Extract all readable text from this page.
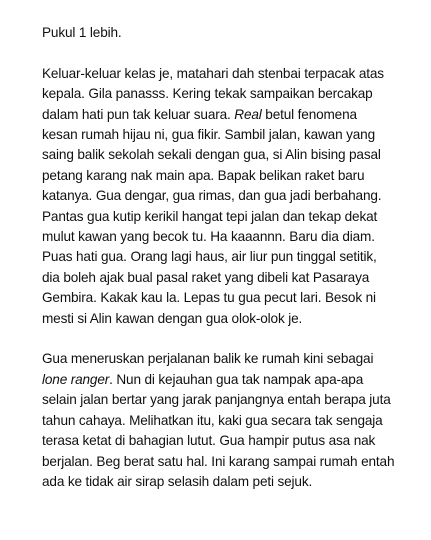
Pukul 1 lebih.
Keluar-keluar kelas je, matahari dah stenbai terpacak atas
kepala. Gila panasss. Kering tekak sampaikan bercakap
dalam hati pun tak keluar suara. Real betul fenomena
kesan rumah hijau ni, gua fikir. Sambil jalan, kawan yang
saing balik sekolah sekali dengan gua, si Alin bising pasal
petang karang nak main apa. Bapak belikan raket baru
katanya. Gua dengar, gua rimas, dan gua jadi berbahang.
Pantas gua kutip kerikil hangat tepi jalan dan tekap dekat
mulut kawan yang becok tu. Ha kaaannn. Baru dia diam.
Puas hati gua. Orang lagi haus, air liur pun tinggal setitik,
dia boleh ajak bual pasal raket yang dibeli kat Pasaraya
Gembira. Kakak kau la. Lepas tu gua pecut lari. Besok ni
mesti si Alin kawan dengan gua olok-olok je.
Gua meneruskan perjalanan balik ke rumah kini sebagai
lone ranger. Nun di kejauhan gua tak nampak apa-apa
selain jalan bertar yang jarak panjangnya entah berapa juta
tahun cahaya. Melihatkan itu, kaki gua secara tak sengaja
terasa ketat di bahagian lutut. Gua hampir putus asa nak
berjalan. Beg berat satu hal. Ini karang sampai rumah entah
ada ke tidak air sirap selasih dalam peti sejuk.
